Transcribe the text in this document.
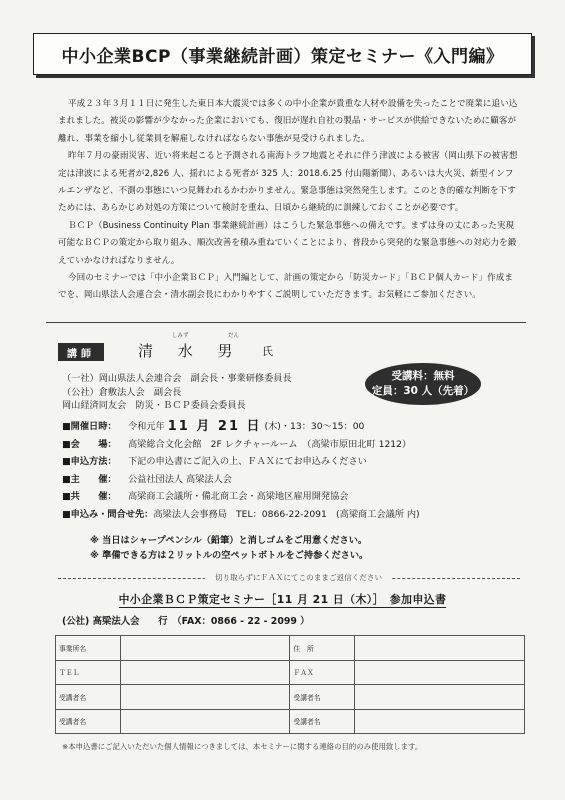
中小企業BCP（事業継続計画）策定セミナー《入門編》

平成２３年３月１１日に発生した東日本大震災では多くの中小企業が貴重な人材や設備を失ったことで廃業に追い込まれました。被災の影響が少なかった企業においても、復旧が遅れ自社の製品・サービスが供給できないために顧客が離れ、事業を縮小し従業員を解雇しなければならない事態が見受けられました。

昨年７月の豪雨災害、近い将来起こると予測される南海トラフ地震とそれに伴う津波による被害（岡山県下の被害想定は津波による死者が2,826 人、揺れによる死者が 325 人：2018.6.25 付山陽新聞）、あるいは大火災、新型インフルエンザなど、不測の事態にいつ見舞われるかわかりません。緊急事態は突然発生します。このとき的確な判断を下すためには、あらかじめ対処の方策について検討を重ね、日頃から継続的に訓練しておくことが必要です。

ＢＣＰ（Business Continuity Plan 事業継続計画）はこうした緊急事態への備えです。まずは身の丈にあった実現可能なＢＣＰの策定から取り組み、順次改善を積み重ねていくことにより、普段から突発的な緊急事態への対応力を鍛えていかなければなりません。

今回のセミナーでは「中小企業ＢＣＰ」入門編として、計画の策定から「防災カード」「ＢＣＰ個人カード」作成までを、岡山県法人会連合会・清水副会長にわかりやすくご説明していただきます。お気軽にご参加ください。

講師
しみず	だん
清 水 男 氏
（一社）岡山県法人会連合会　副会長・事業研修委員長
（公社）倉敷法人会　副会長
岡山経済同友会　防災・ＢＣＰ委員会委員長
受講料：無料
定員：30 人（先着）
■開催日時：	令和元年 11 月 21 日 (木)・13：30～15：00
■会　　場：	高梁総合文化会館　2F レクチャールーム　（高梁市原田北町 1212）
■申込方法：	下記の申込書にご記入の上、ＦＡＸにてお申込みください
■主　　催：	公益社団法人 高梁法人会
■共　　催：	高梁商工会議所・備北商工会・高梁地区雇用開発協会
■申込み・問合せ先： 高梁法人会事務局　TEL：0866-22-2091　(高梁商工会議所 内)
※ 当日はシャープペンシル（鉛筆）と消しゴムをご用意ください。
※ 準備できる方は２リットルの空ペットボトルをご持参ください。
切り取らずにＦＡＸにてこのままご返信ください
中小企業ＢＣＰ策定セミナー［11 月 21 日（木）］　参加申込書
(公社) 高梁法人会　　行　（FAX：0866 - 22 - 2099 ）
事業所名		住　所	
ＴＥＬ		ＦＡＸ	
受講者名		受講者名	
受講者名		受講者名	
※本申込書にご記入いただいた個人情報につきましては、本セミナーに関する連絡の目的のみ使用致します。
